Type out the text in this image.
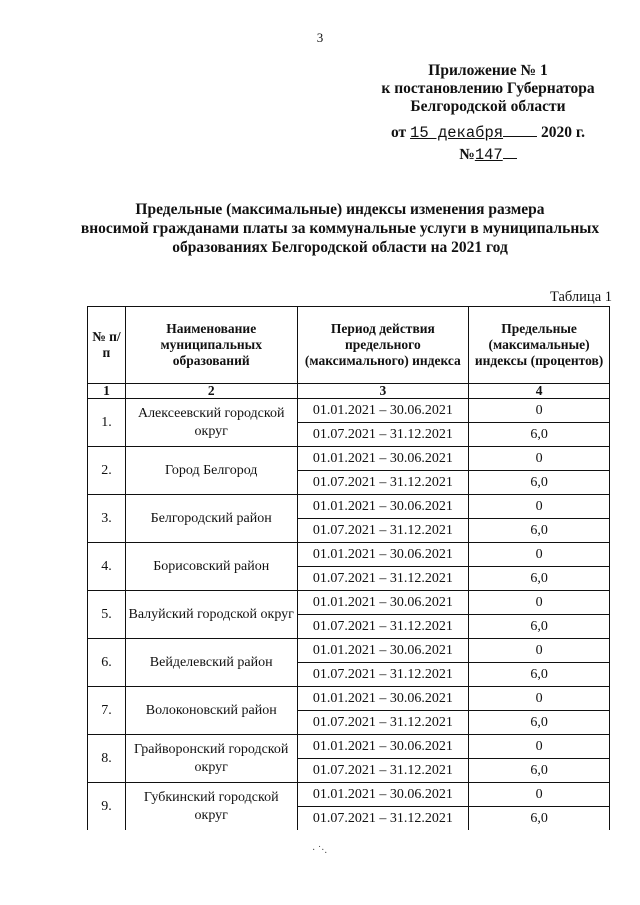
3
Приложение № 1
к постановлению Губернатора
Белгородской области
от 15 декабря 2020 г.
№147
Предельные (максимальные) индексы изменения размера
вносимой гражданами платы за коммунальные услуги в муниципальных
образованиях Белгородской области на 2021 год
Таблица 1
№ п/п	Наименование муниципальных образований	Период действия предельного (максимального) индекса	Предельные (максимальные) индексы (процентов)
1	2	3	4
1.	Алексеевский городской округ	01.01.2021 – 30.06.2021	0
		01.07.2021 – 31.12.2021	6,0
2.	Город Белгород	01.01.2021 – 30.06.2021	0
		01.07.2021 – 31.12.2021	6,0
3.	Белгородский район	01.01.2021 – 30.06.2021	0
		01.07.2021 – 31.12.2021	6,0
4.	Борисовский район	01.01.2021 – 30.06.2021	0
		01.07.2021 – 31.12.2021	6,0
5.	Валуйский городской округ	01.01.2021 – 30.06.2021	0
		01.07.2021 – 31.12.2021	6,0
6.	Вейделевский район	01.01.2021 – 30.06.2021	0
		01.07.2021 – 31.12.2021	6,0
7.	Волоконовский район	01.01.2021 – 30.06.2021	0
		01.07.2021 – 31.12.2021	6,0
8.	Грайворонский городской округ	01.01.2021 – 30.06.2021	0
		01.07.2021 – 31.12.2021	6,0
9.	Губкинский городской округ	01.01.2021 – 30.06.2021	0
		01.07.2021 – 31.12.2021	6,0
· ˙·.
